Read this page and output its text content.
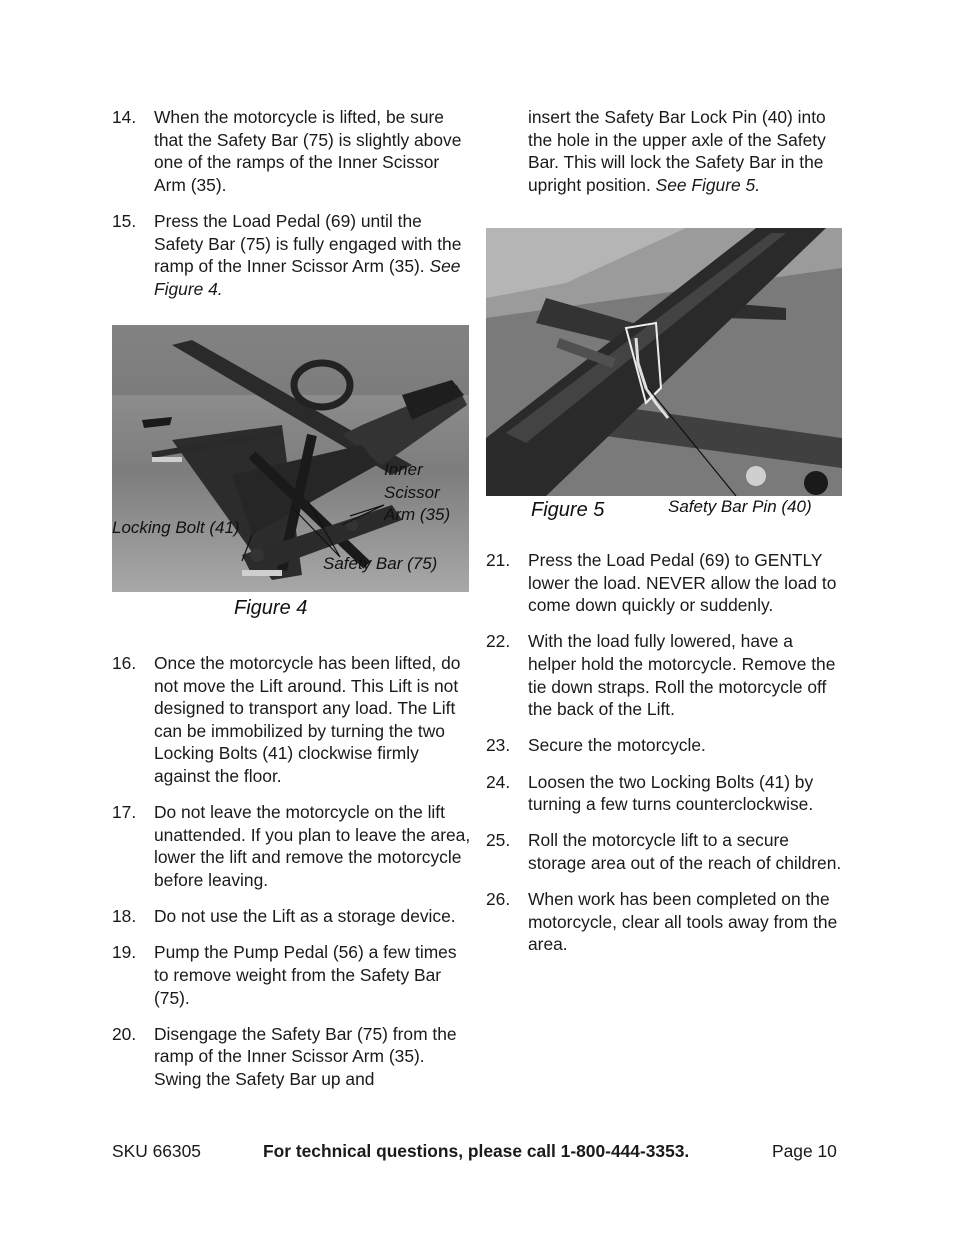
14.	When the motorcycle is lifted, be sure that the Safety Bar (75) is slightly above one of the ramps of the Inner Scissor Arm (35).
15.	Press the Load Pedal (69) until the Safety Bar (75) is fully engaged with the ramp of the Inner Scissor Arm (35). See Figure 4.
Inner Scissor Arm (35)
Locking Bolt (41)
Safety Bar (75)
Figure 4
16.	Once the motorcycle has been lifted, do not move the Lift around. This Lift is not designed to transport any load. The Lift can be immobilized by turning the two Locking Bolts (41) clockwise firmly against the floor.
17.	Do not leave the motorcycle on the lift unattended. If you plan to leave the area, lower the lift and remove the motorcycle before leaving.
18.	Do not use the Lift as a storage device.
19.	Pump the Pump Pedal (56) a few times to remove weight from the Safety Bar (75).
20.	Disengage the Safety Bar (75) from the ramp of the Inner Scissor Arm (35). Swing the Safety Bar up and
insert the Safety Bar Lock Pin (40) into the hole in the upper axle of the Safety Bar. This will lock the Safety Bar in the upright position. See Figure 5.
Figure 5	Safety Bar Pin (40)
21.	Press the Load Pedal (69) to GENTLY lower the load. NEVER allow the load to come down quickly or suddenly.
22.	With the load fully lowered, have a helper hold the motorcycle. Remove the tie down straps. Roll the motorcycle off the back of the Lift.
23.	Secure the motorcycle.
24.	Loosen the two Locking Bolts (41) by turning a few turns counterclockwise.
25.	Roll the motorcycle lift to a secure storage area out of the reach of children.
26.	When work has been completed on the motorcycle, clear all tools away from the area.
SKU 66305	For technical questions, please call 1-800-444-3353.	Page 10
